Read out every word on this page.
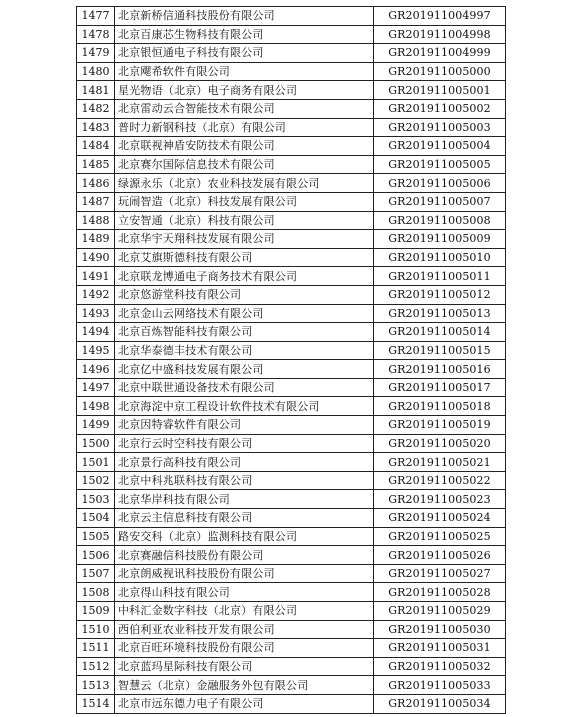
1477	北京新桥信通科技股份有限公司	GR201911004997
1478	北京百康芯生物科技有限公司	GR201911004998
1479	北京银恒通电子科技有限公司	GR201911004999
1480	北京飔希软件有限公司	GR201911005000
1481	星光物语（北京）电子商务有限公司	GR201911005001
1482	北京雷动云合智能技术有限公司	GR201911005002
1483	普时力新钢科技（北京）有限公司	GR201911005003
1484	北京联视神盾安防技术有限公司	GR201911005004
1485	北京赛尔国际信息技术有限公司	GR201911005005
1486	绿源永乐（北京）农业科技发展有限公司	GR201911005006
1487	玩闹智造（北京）科技发展有限公司	GR201911005007
1488	立安智通（北京）科技有限公司	GR201911005008
1489	北京华宇天翔科技发展有限公司	GR201911005009
1490	北京艾旗斯德科技有限公司	GR201911005010
1491	北京联龙博通电子商务技术有限公司	GR201911005011
1492	北京悠游堂科技有限公司	GR201911005012
1493	北京金山云网络技术有限公司	GR201911005013
1494	北京百炼智能科技有限公司	GR201911005014
1495	北京华泰德丰技术有限公司	GR201911005015
1496	北京亿中盛科技发展有限公司	GR201911005016
1497	北京中联世通设备技术有限公司	GR201911005017
1498	北京海淀中京工程设计软件技术有限公司	GR201911005018
1499	北京因特睿软件有限公司	GR201911005019
1500	北京行云时空科技有限公司	GR201911005020
1501	北京景行高科技有限公司	GR201911005021
1502	北京中科兆联科技有限公司	GR201911005022
1503	北京华岸科技有限公司	GR201911005023
1504	北京云主信息科技有限公司	GR201911005024
1505	路安交科（北京）监测科技有限公司	GR201911005025
1506	北京赛融信科技股份有限公司	GR201911005026
1507	北京朗威视讯科技股份有限公司	GR201911005027
1508	北京得山科技有限公司	GR201911005028
1509	中科汇金数字科技（北京）有限公司	GR201911005029
1510	西伯利亚农业科技开发有限公司	GR201911005030
1511	北京百旺环境科技股份有限公司	GR201911005031
1512	北京蓝玛星际科技有限公司	GR201911005032
1513	智慧云（北京）金融服务外包有限公司	GR201911005033
1514	北京市远东德力电子有限公司	GR201911005034
